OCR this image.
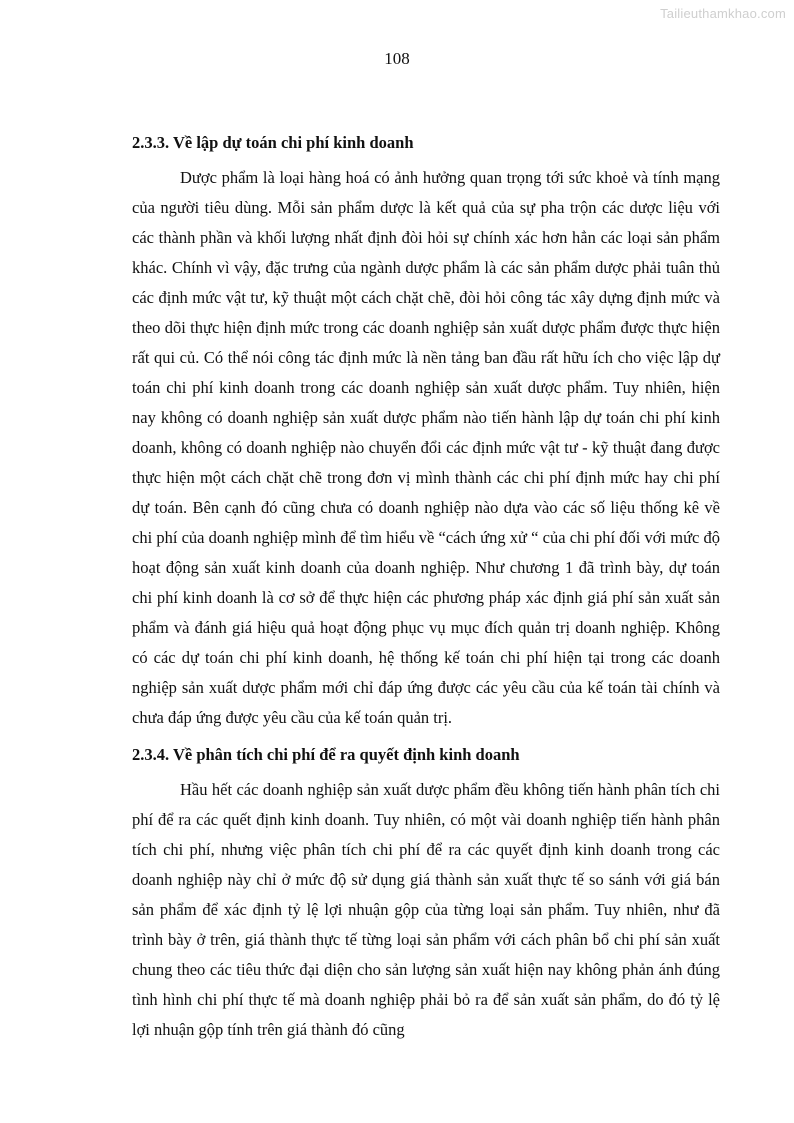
Tailieuthamkhao.com
108

2.3.3. Về lập dự toán chi phí kinh doanh

Dược phẩm là loại hàng hoá có ảnh hưởng quan trọng tới sức khoẻ và tính mạng của người tiêu dùng. Mỗi sản phẩm dược là kết quả của sự pha trộn các dược liệu với các thành phần và khối lượng nhất định đòi hỏi sự chính xác hơn hẳn các loại sản phẩm khác. Chính vì vậy, đặc trưng của ngành dược phẩm là các sản phẩm dược phải tuân thủ các định mức vật tư, kỹ thuật một cách chặt chẽ, đòi hỏi công tác xây dựng định mức và theo dõi thực hiện định mức trong các doanh nghiệp sản xuất dược phẩm được thực hiện rất qui củ. Có thể nói công tác định mức là nền tảng ban đầu rất hữu ích cho việc lập dự toán chi phí kinh doanh trong các doanh nghiệp sản xuất dược phẩm. Tuy nhiên, hiện nay không có doanh nghiệp sản xuất dược phẩm nào tiến hành lập dự toán chi phí kinh doanh, không có doanh nghiệp nào chuyển đổi các định mức vật tư - kỹ thuật đang được thực hiện một cách chặt chẽ trong đơn vị mình thành các chi phí định mức hay chi phí dự toán. Bên cạnh đó cũng chưa có doanh nghiệp nào dựa vào các số liệu thống kê về chi phí của doanh nghiệp mình để tìm hiểu về “cách ứng xử “ của chi phí đối với mức độ hoạt động sản xuất kinh doanh của doanh nghiệp. Như chương 1 đã trình bày, dự toán chi phí kinh doanh là cơ sở để thực hiện các phương pháp xác định giá phí sản xuất sản phẩm và đánh giá hiệu quả hoạt động phục vụ mục đích quản trị doanh nghiệp. Không có các dự toán chi phí kinh doanh, hệ thống kế toán chi phí hiện tại trong các doanh nghiệp sản xuất dược phẩm mới chỉ đáp ứng được các yêu cầu của kế toán tài chính và chưa đáp ứng được yêu cầu của kế toán quản trị.

2.3.4. Về phân tích chi phí để ra quyết định kinh doanh

Hầu hết các doanh nghiệp sản xuất dược phẩm đều không tiến hành phân tích chi phí để ra các quết định kinh doanh. Tuy nhiên, có một vài doanh nghiệp tiến hành phân tích chi phí, nhưng việc phân tích chi phí để ra các quyết định kinh doanh trong các doanh nghiệp này chỉ ở mức độ sử dụng giá thành sản xuất thực tế so sánh với giá bán sản phẩm để xác định tỷ lệ lợi nhuận gộp của từng loại sản phẩm. Tuy nhiên, như đã trình bày ở trên, giá thành thực tế từng loại sản phẩm với cách phân bổ chi phí sản xuất chung theo các tiêu thức đại diện cho sản lượng sản xuất hiện nay không phản ánh đúng tình hình chi phí thực tế mà doanh nghiệp phải bỏ ra để sản xuất sản phẩm, do đó tỷ lệ lợi nhuận gộp tính trên giá thành đó cũng
